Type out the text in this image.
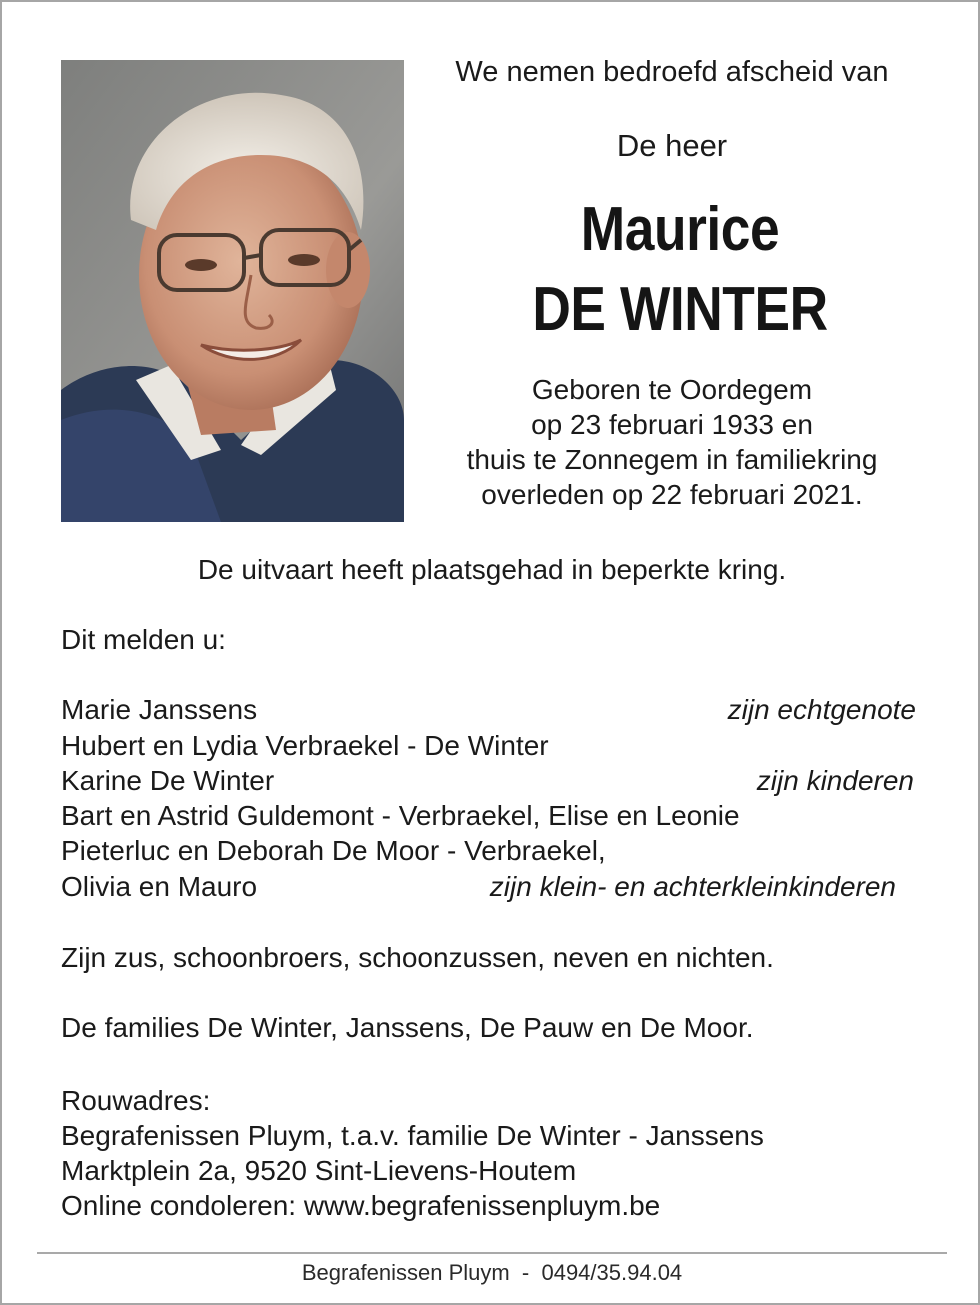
We nemen bedroefd afscheid van
De heer
Maurice
DE WINTER
Geboren te Oordegem
op 23 februari 1933 en
thuis te Zonnegem in familiekring
overleden op 22 februari 2021.
De uitvaart heeft plaatsgehad in beperkte kring.
Dit melden u:
Marie Janssens	zijn echtgenote
Hubert en Lydia Verbraekel - De Winter
Karine De Winter	zijn kinderen
Bart en Astrid Guldemont - Verbraekel, Elise en Leonie
Pieterluc en Deborah De Moor - Verbraekel,
Olivia en Mauro	zijn klein- en achterkleinkinderen
Zijn zus, schoonbroers, schoonzussen, neven en nichten.
De families De Winter, Janssens, De Pauw en De Moor.
Rouwadres:
Begrafenissen Pluym, t.a.v. familie De Winter - Janssens
Marktplein 2a, 9520 Sint-Lievens-Houtem
Online condoleren: www.begrafenissenpluym.be
Begrafenissen Pluym  -  0494/35.94.04
